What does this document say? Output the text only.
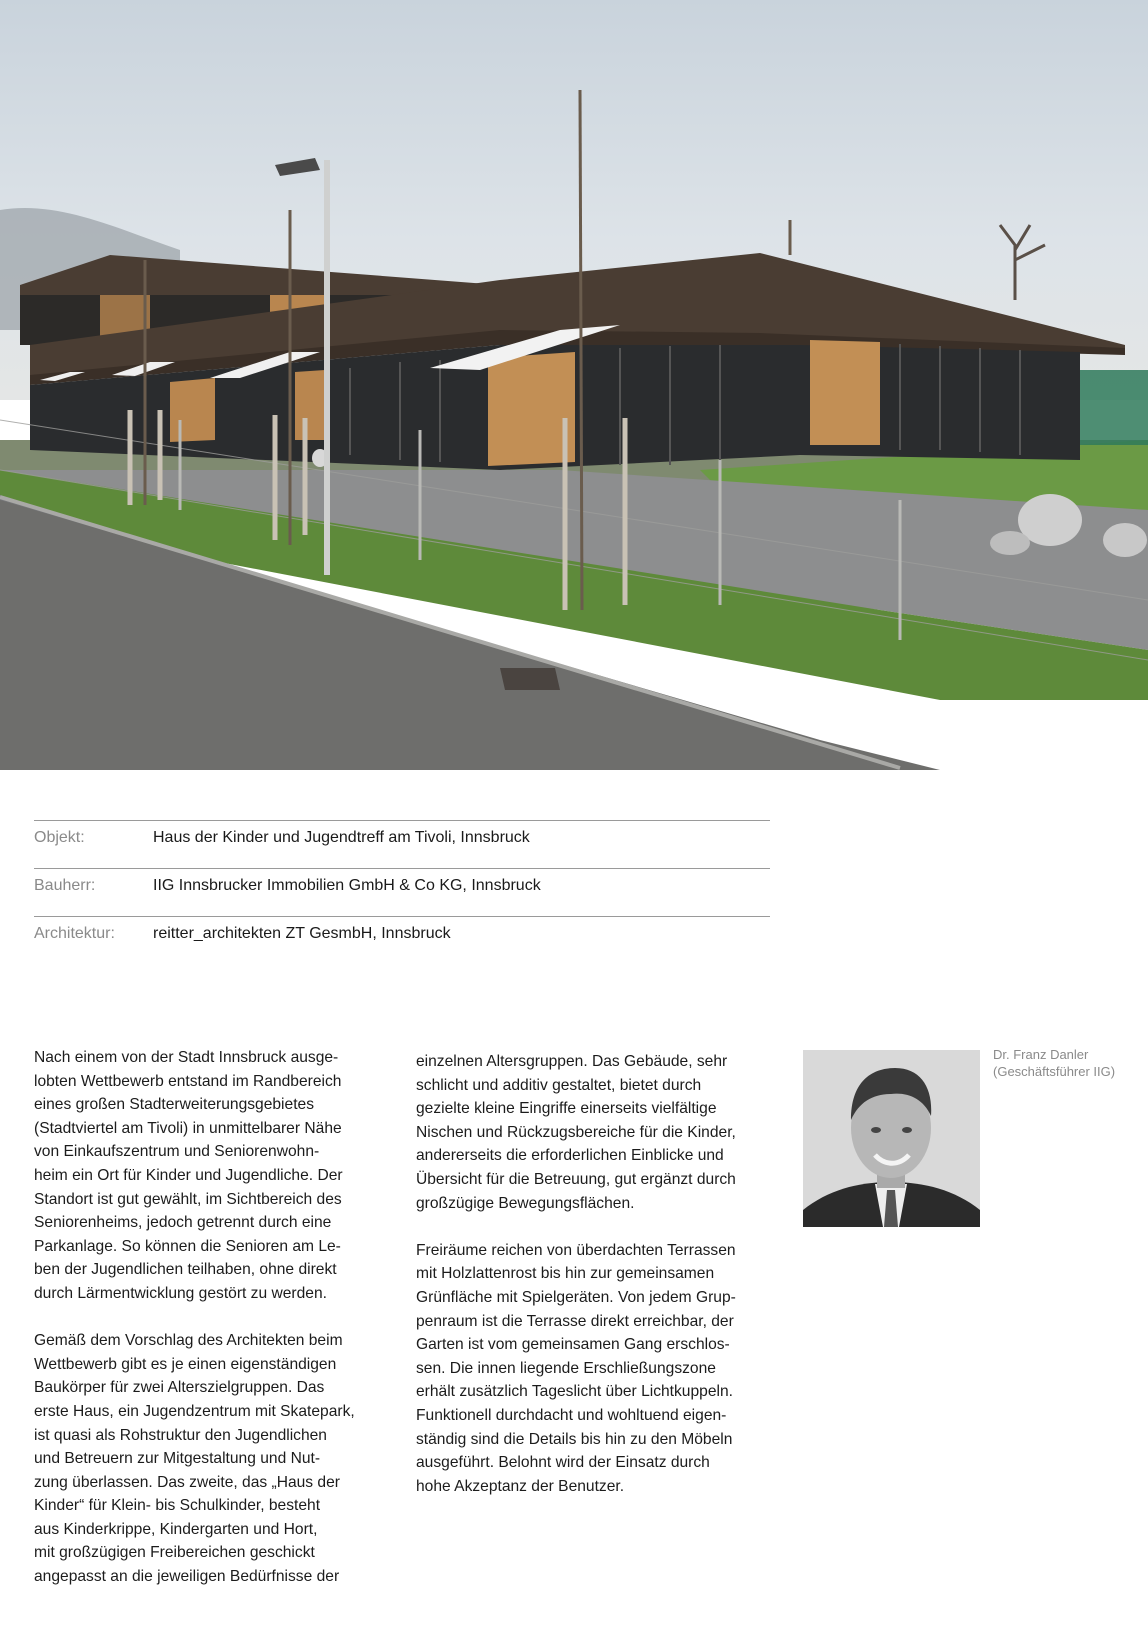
Objekt:	Haus der Kinder und Jugendtreff am Tivoli, Innsbruck
Bauherr:	IIG Innsbrucker Immobilien GmbH & Co KG, Innsbruck
Architektur: reitter_architekten ZT GesmbH, Innsbruck

Nach einem von der Stadt Innsbruck ausge-
lobten Wettbewerb entstand im Randbereich
eines großen Stadterweiterungsgebietes
(Stadtviertel am Tivoli) in unmittelbarer Nähe
von Einkaufszentrum und Seniorenwohn-
heim ein Ort für Kinder und Jugendliche. Der
Standort ist gut gewählt, im Sichtbereich des
Seniorenheims, jedoch getrennt durch eine
Parkanlage. So können die Senioren am Le-
ben der Jugendlichen teilhaben, ohne direkt
durch Lärmentwicklung gestört zu werden.

Gemäß dem Vorschlag des Architekten beim
Wettbewerb gibt es je einen eigenständigen
Baukörper für zwei Alterszielgruppen. Das
erste Haus, ein Jugendzentrum mit Skatepark,
ist quasi als Rohstruktur den Jugendlichen
und Betreuern zur Mitgestaltung und Nut-
zung überlassen. Das zweite, das „Haus der
Kinder“ für Klein- bis Schulkinder, besteht
aus Kinderkrippe, Kindergarten und Hort,
mit großzügigen Freibereichen geschickt
angepasst an die jeweiligen Bedürfnisse der

einzelnen Altersgruppen. Das Gebäude, sehr
schlicht und additiv gestaltet, bietet durch
gezielte kleine Eingriffe einerseits vielfältige
Nischen und Rückzugsbereiche für die Kinder,
andererseits die erforderlichen Einblicke und
Übersicht für die Betreuung, gut ergänzt durch
großzügige Bewegungsflächen.

Freiräume reichen von überdachten Terrassen
mit Holzlattenrost bis hin zur gemeinsamen
Grünfläche mit Spielgeräten. Von jedem Grup-
penraum ist die Terrasse direkt erreichbar, der
Garten ist vom gemeinsamen Gang erschlos-
sen. Die innen liegende Erschließungszone
erhält zusätzlich Tageslicht über Lichtkuppeln.
Funktionell durchdacht und wohltuend eigen-
ständig sind die Details bis hin zu den Möbeln
ausgeführt. Belohnt wird der Einsatz durch
hohe Akzeptanz der Benutzer.

Dr. Franz Danler
(Geschäftsführer IIG)
